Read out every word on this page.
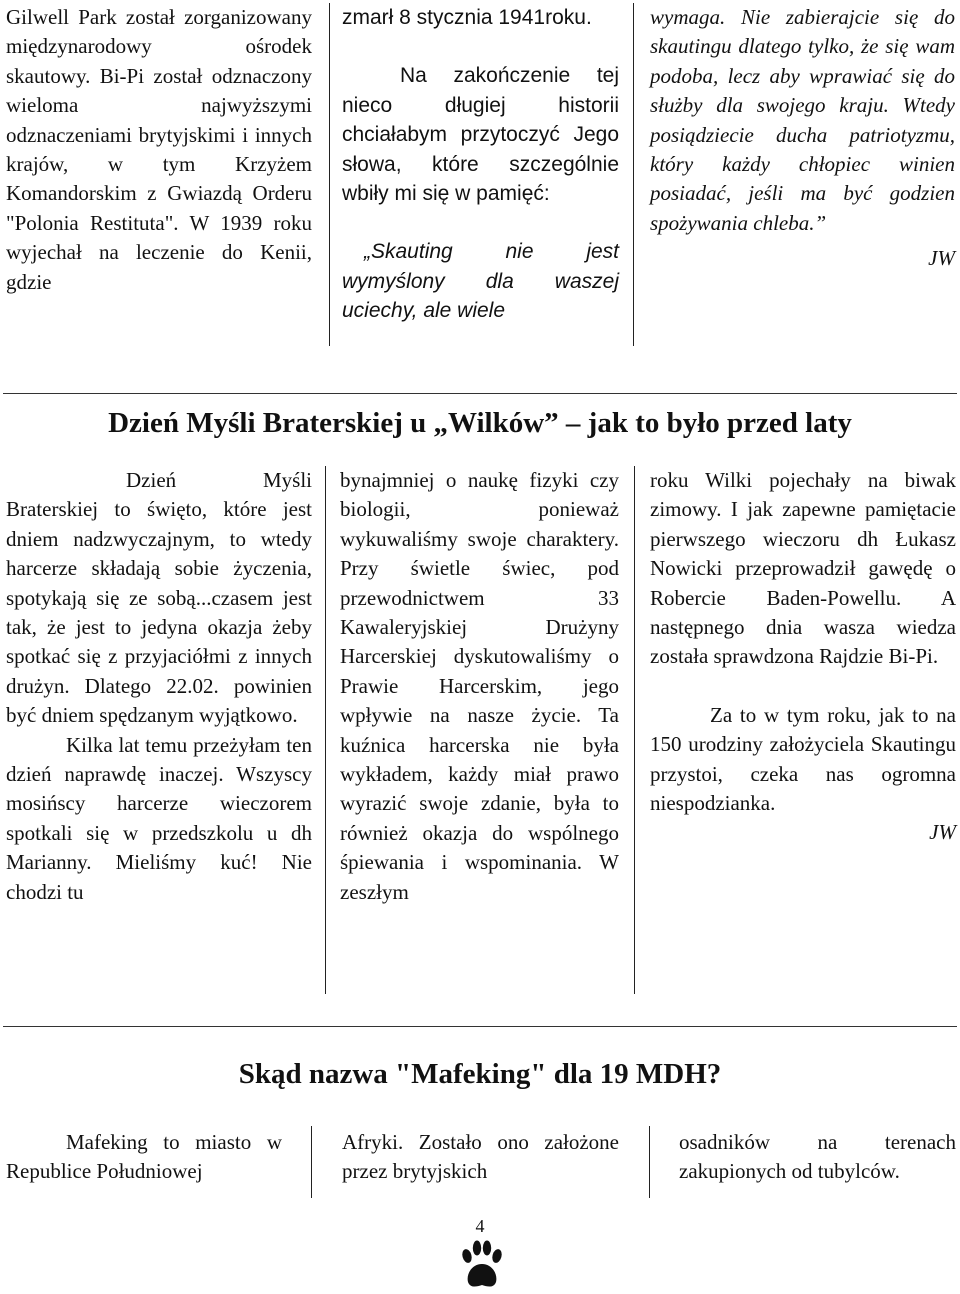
Gilwell Park został zorganizowany międzynarodowy ośrodek skautowy. Bi-Pi został odznaczony wieloma najwyższymi odznaczeniami brytyjskimi i innych krajów, w tym Krzyżem Komandorskim z Gwiazdą Orderu "Polonia Restituta". W 1939 roku wyjechał na leczenie do Kenii, gdzie

zmarł 8 stycznia 1941roku.

Na zakończenie tej nieco długiej historii chciałabym przytoczyć Jego słowa, które szczególnie wbiły mi się w pamięć:

„Skauting nie jest wymyślony dla waszej uciechy, ale wiele

wymaga. Nie zabierajcie się do skautingu dlatego tylko, że się wam podoba, lecz aby wprawiać się do służby dla swojego kraju. Wtedy posiądziecie ducha patriotyzmu, który każdy chłopiec winien posiadać, jeśli ma być godzien spożywania chleba.”

JW

Dzień Myśli Braterskiej u „Wilków” – jak to było przed laty

Dzień Myśli Braterskiej to święto, które jest dniem nadzwyczajnym, to wtedy harcerze składają sobie życzenia, spotykają się ze sobą...czasem jest tak, że jest to jedyna okazja żeby spotkać się z przyjaciółmi z innych drużyn. Dlatego 22.02. powinien być dniem spędzanym wyjątkowo.

Kilka lat temu przeżyłam ten dzień naprawdę inaczej. Wszyscy mosińscy harcerze wieczorem spotkali się w przedszkolu u dh Marianny. Mieliśmy kuć! Nie chodzi tu

bynajmniej o naukę fizyki czy biologii, ponieważ wykuwaliśmy swoje charaktery. Przy świetle świec, pod przewodnictwem 33 Kawaleryjskiej Drużyny Harcerskiej dyskutowaliśmy o Prawie Harcerskim, jego wpływie na nasze życie. Ta kuźnica harcerska nie była wykładem, każdy miał prawo wyrazić swoje zdanie, była to również okazja do wspólnego śpiewania i wspominania. W zeszłym

roku Wilki pojechały na biwak zimowy. I jak zapewne pamiętacie pierwszego wieczoru dh Łukasz Nowicki przeprowadził gawędę o Robercie Baden-Powellu. A następnego dnia wasza wiedza została sprawdzona Rajdzie Bi-Pi.

Za to w tym roku, jak to na 150 urodziny założyciela Skautingu przystoi, czeka nas ogromna niespodzianka.

JW

Skąd nazwa "Mafeking" dla 19 MDH?

Mafeking to miasto w Republice Południowej

Afryki. Zostało ono założone przez brytyjskich

osadników na terenach zakupionych od tubylców.

4
